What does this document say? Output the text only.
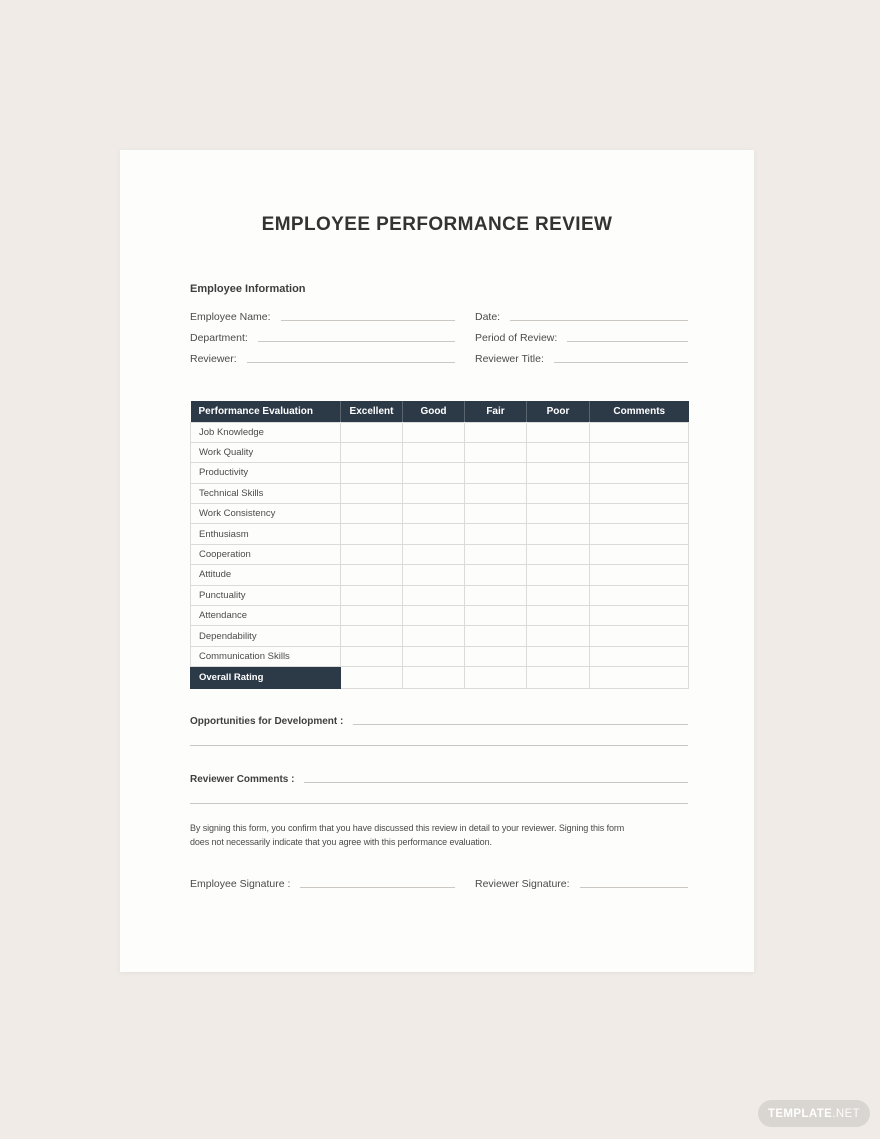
EMPLOYEE PERFORMANCE REVIEW
Employee Information
Employee Name:	Date:
Department:	Period of Review:
Reviewer:	Reviewer Title:
Performance Evaluation	Excellent	Good	Fair	Poor	Comments
Job Knowledge					
Work Quality					
Productivity					
Technical Skills					
Work Consistency					
Enthusiasm					
Cooperation					
Attitude					
Punctuality					
Attendance					
Dependability					
Communication Skills					
Overall Rating					
Opportunities for Development :
Reviewer Comments :
By signing this form, you confirm that you have discussed this review in detail to your reviewer. Signing this form
does not necessarily indicate that you agree with this performance evaluation.
Employee Signature :	Reviewer Signature:
TEMPLATE .NET
